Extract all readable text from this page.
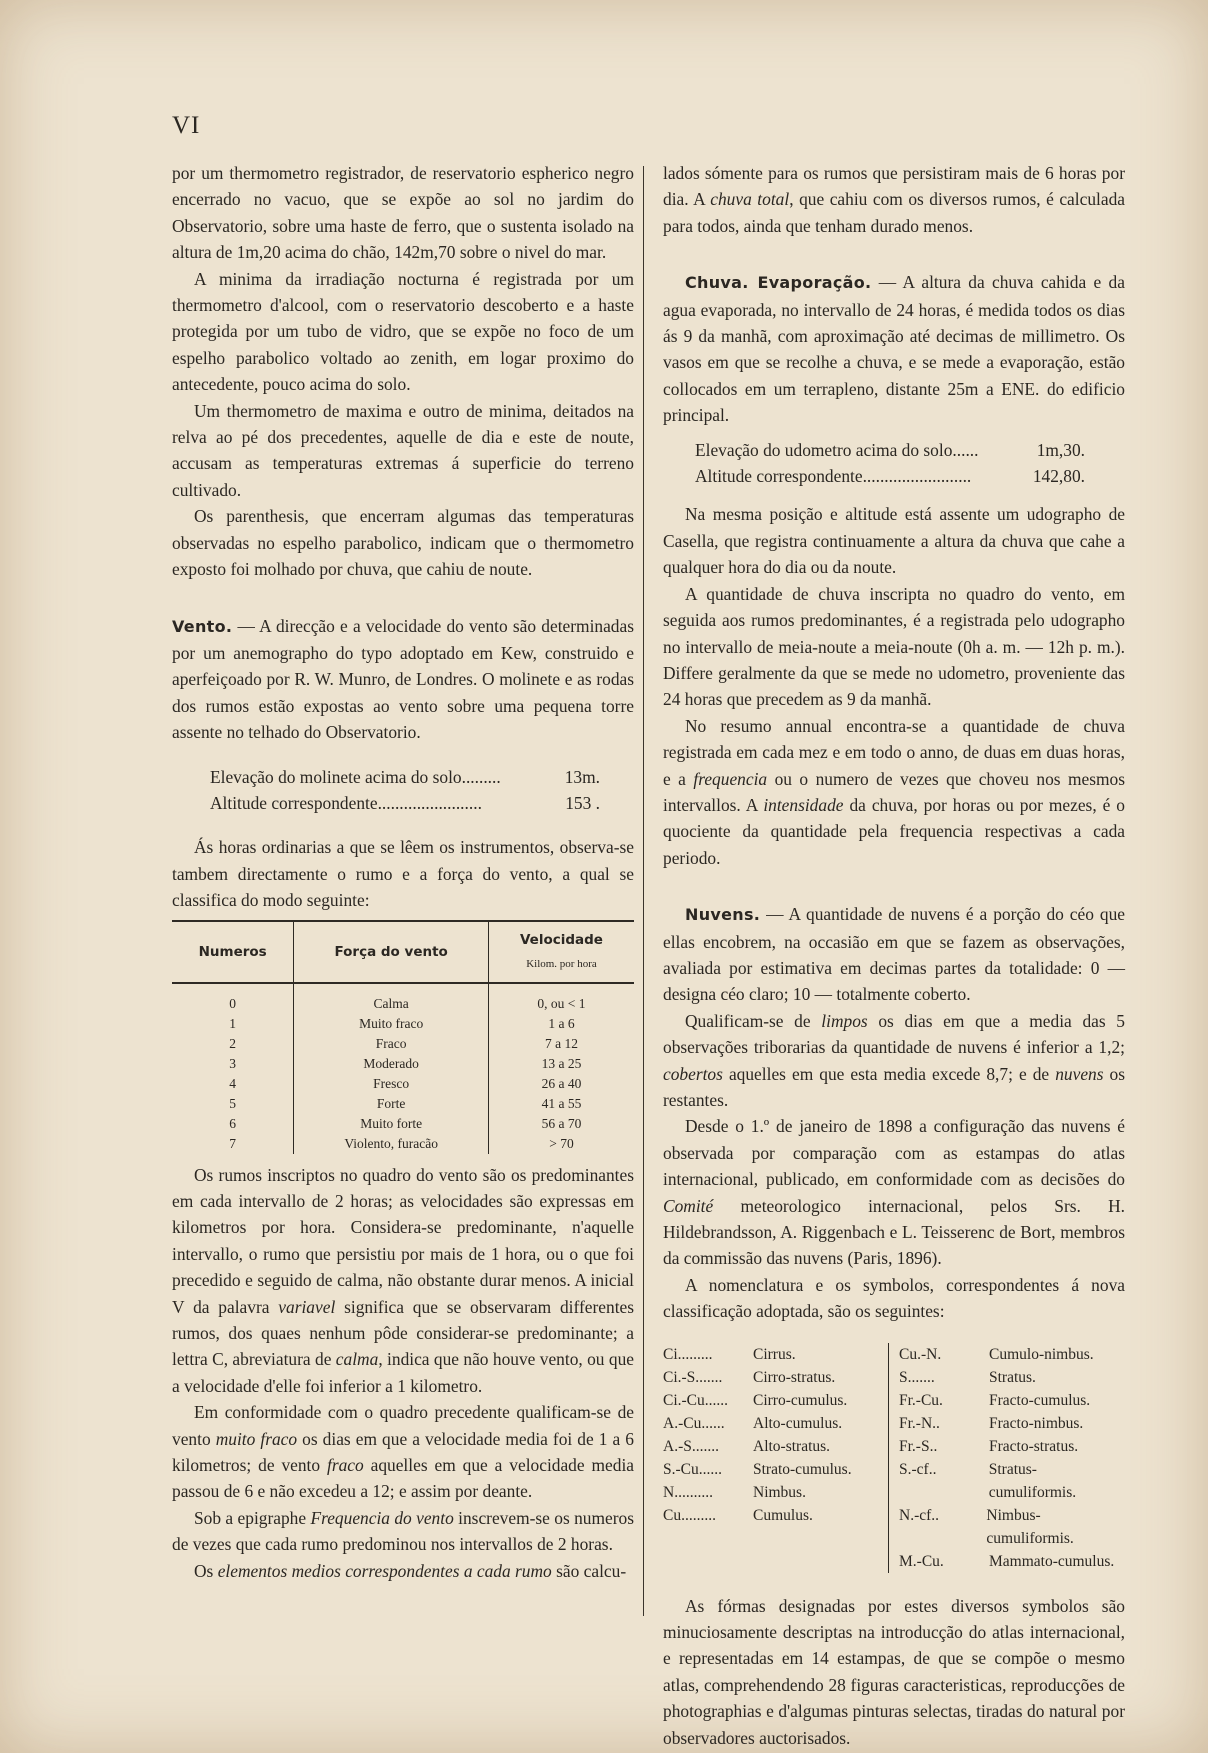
VI

por um thermometro registrador, de reservatorio espherico negro encerrado no vacuo, que se expõe ao sol no jardim do Observatorio, sobre uma haste de ferro, que o sustenta isolado na altura de 1m,20 acima do chão, 142m,70 sobre o nivel do mar.

A minima da irradiação nocturna é registrada por um thermometro d'alcool, com o reservatorio descoberto e a haste protegida por um tubo de vidro, que se expõe no foco de um espelho parabolico voltado ao zenith, em logar proximo do antecedente, pouco acima do solo.

Um thermometro de maxima e outro de minima, deitados na relva ao pé dos precedentes, aquelle de dia e este de noute, accusam as temperaturas extremas á superficie do terreno cultivado.

Os parenthesis, que encerram algumas das temperaturas observadas no espelho parabolico, indicam que o thermometro exposto foi molhado por chuva, que cahiu de noute.

Vento. — A direcção e a velocidade do vento são determinadas por um anemographo do typo adoptado em Kew, construido e aperfeiçoado por R. W. Munro, de Londres. O molinete e as rodas dos rumos estão expostas ao vento sobre uma pequena torre assente no telhado do Observatorio.

Elevação do molinete acima do solo.........	13m.
Altitude correspondente........................	153 .

Ás horas ordinarias a que se lêem os instrumentos, observa-se tambem directamente o rumo e a força do vento, a qual se classifica do modo seguinte:

Numeros	Força do vento	Velocidade
Kilom. por hora

0	Calma	0, ou < 1
1	Muito fraco	1 a 6
2	Fraco	7 a 12
3	Moderado	13 a 25
4	Fresco	26 a 40
5	Forte	41 a 55
6	Muito forte	56 a 70
7	Violento, furacão	> 70

Os rumos inscriptos no quadro do vento são os predominantes em cada intervallo de 2 horas; as velocidades são expressas em kilometros por hora. Considera-se predominante, n'aquelle intervallo, o rumo que persistiu por mais de 1 hora, ou o que foi precedido e seguido de calma, não obstante durar menos. A inicial V da palavra variavel significa que se observaram differentes rumos, dos quaes nenhum pôde considerar-se predominante; a lettra C, abreviatura de calma, indica que não houve vento, ou que a velocidade d'elle foi inferior a 1 kilometro.

Em conformidade com o quadro precedente qualificam-se de vento muito fraco os dias em que a velocidade media foi de 1 a 6 kilometros; de vento fraco aquelles em que a velocidade media passou de 6 e não excedeu a 12; e assim por deante.

Sob a epigraphe Frequencia do vento inscrevem-se os numeros de vezes que cada rumo predominou nos intervallos de 2 horas.

Os elementos medios correspondentes a cada rumo são calcu-

lados sómente para os rumos que persistiram mais de 6 horas por dia. A chuva total, que cahiu com os diversos rumos, é calculada para todos, ainda que tenham durado menos.

Chuva. Evaporação. — A altura da chuva cahida e da agua evaporada, no intervallo de 24 horas, é medida todos os dias ás 9 da manhã, com aproximação até decimas de millimetro. Os vasos em que se recolhe a chuva, e se mede a evaporação, estão collocados em um terrapleno, distante 25m a ENE. do edificio principal.

Elevação do udometro acima do solo......	1m,30.
Altitude correspondente.........................	142,80.

Na mesma posição e altitude está assente um udographo de Casella, que registra continuamente a altura da chuva que cahe a qualquer hora do dia ou da noute.

A quantidade de chuva inscripta no quadro do vento, em seguida aos rumos predominantes, é a registrada pelo udographo no intervallo de meia-noute a meia-noute (0h a. m. — 12h p. m.). Differe geralmente da que se mede no udometro, proveniente das 24 horas que precedem as 9 da manhã.

No resumo annual encontra-se a quantidade de chuva registrada em cada mez e em todo o anno, de duas em duas horas, e a frequencia ou o numero de vezes que choveu nos mesmos intervallos. A intensidade da chuva, por horas ou por mezes, é o quociente da quantidade pela frequencia respectivas a cada periodo.

Nuvens. — A quantidade de nuvens é a porção do céo que ellas encobrem, na occasião em que se fazem as observações, avaliada por estimativa em decimas partes da totalidade: 0 — designa céo claro; 10 — totalmente coberto.

Qualificam-se de limpos os dias em que a media das 5 observações triborarias da quantidade de nuvens é inferior a 1,2; cobertos aquelles em que esta media excede 8,7; e de nuvens os restantes.

Desde o 1.º de janeiro de 1898 a configuração das nuvens é observada por comparação com as estampas do atlas internacional, publicado, em conformidade com as decisões do Comité meteorologico internacional, pelos Srs. H. Hildebrandsson, A. Riggenbach e L. Teisserenc de Bort, membros da commissão das nuvens (Paris, 1896).

A nomenclatura e os symbolos, correspondentes á nova classificação adoptada, são os seguintes:

Ci.........	Cirrus.
Ci.-S.......	Cirro-stratus.
Ci.-Cu......	Cirro-cumulus.
A.-Cu......	Alto-cumulus.
A.-S.......	Alto-stratus.
S.-Cu......	Strato-cumulus.
N..........	Nimbus.
Cu.........	Cumulus.
Cu.-N.	Cumulo-nimbus.
S.......	Stratus.
Fr.-Cu.	Fracto-cumulus.
Fr.-N..	Fracto-nimbus.
Fr.-S..	Fracto-stratus.
S.-cf..	Stratus-cumuliformis.
N.-cf..	Nimbus-cumuliformis.
M.-Cu.	Mammato-cumulus.

As fórmas designadas por estes diversos symbolos são minuciosamente descriptas na introducção do atlas internacional, e representadas em 14 estampas, de que se compõe o mesmo atlas, comprehendendo 28 figuras caracteristicas, reproducções de photographias e d'algumas pinturas selectas, tiradas do natural por observadores auctorisados.
